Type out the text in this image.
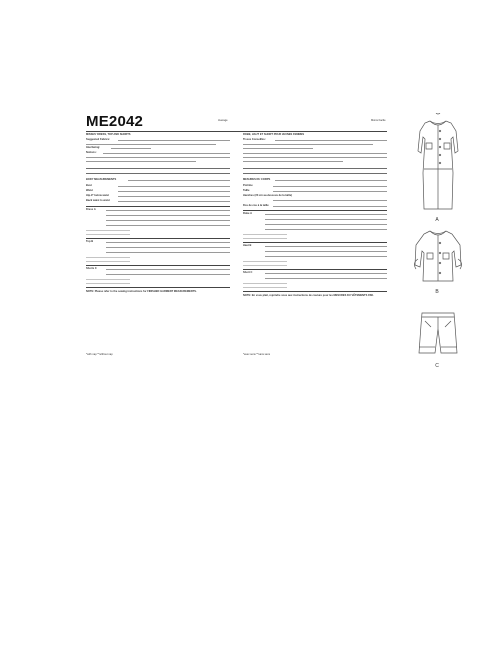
ME2042	Average	Moins Facile
MISSES' DRESS, TOP AND SHORTS
Suggested Fabrics:
Interfacing:
Notions:
BODY MEASUREMENTS
Bust
Waist
Hip-9" below waist
Back waist to waist
Dress A
Top B
Shorts C
NOTE: Please refer to the sewing instructions for FINISHED GARMENT MEASUREMENTS.
*with nap **without nap
ROBE, HAUT ET SHORT POUR JEUNES FEMMES
Tissus Conseillés:
MESURES DU CORPS
Poitrine
Taille
Hanches (23 cm au-dessous de la taille)
Dos de cou à la taille
Robe A
Haut B
Short C
NOTE: En vous plait, rejoindre vous aux instructions de couture pour les MESURES DU VÊTEMENTS FINI.
*avec sens **sans sens
A
B
C
